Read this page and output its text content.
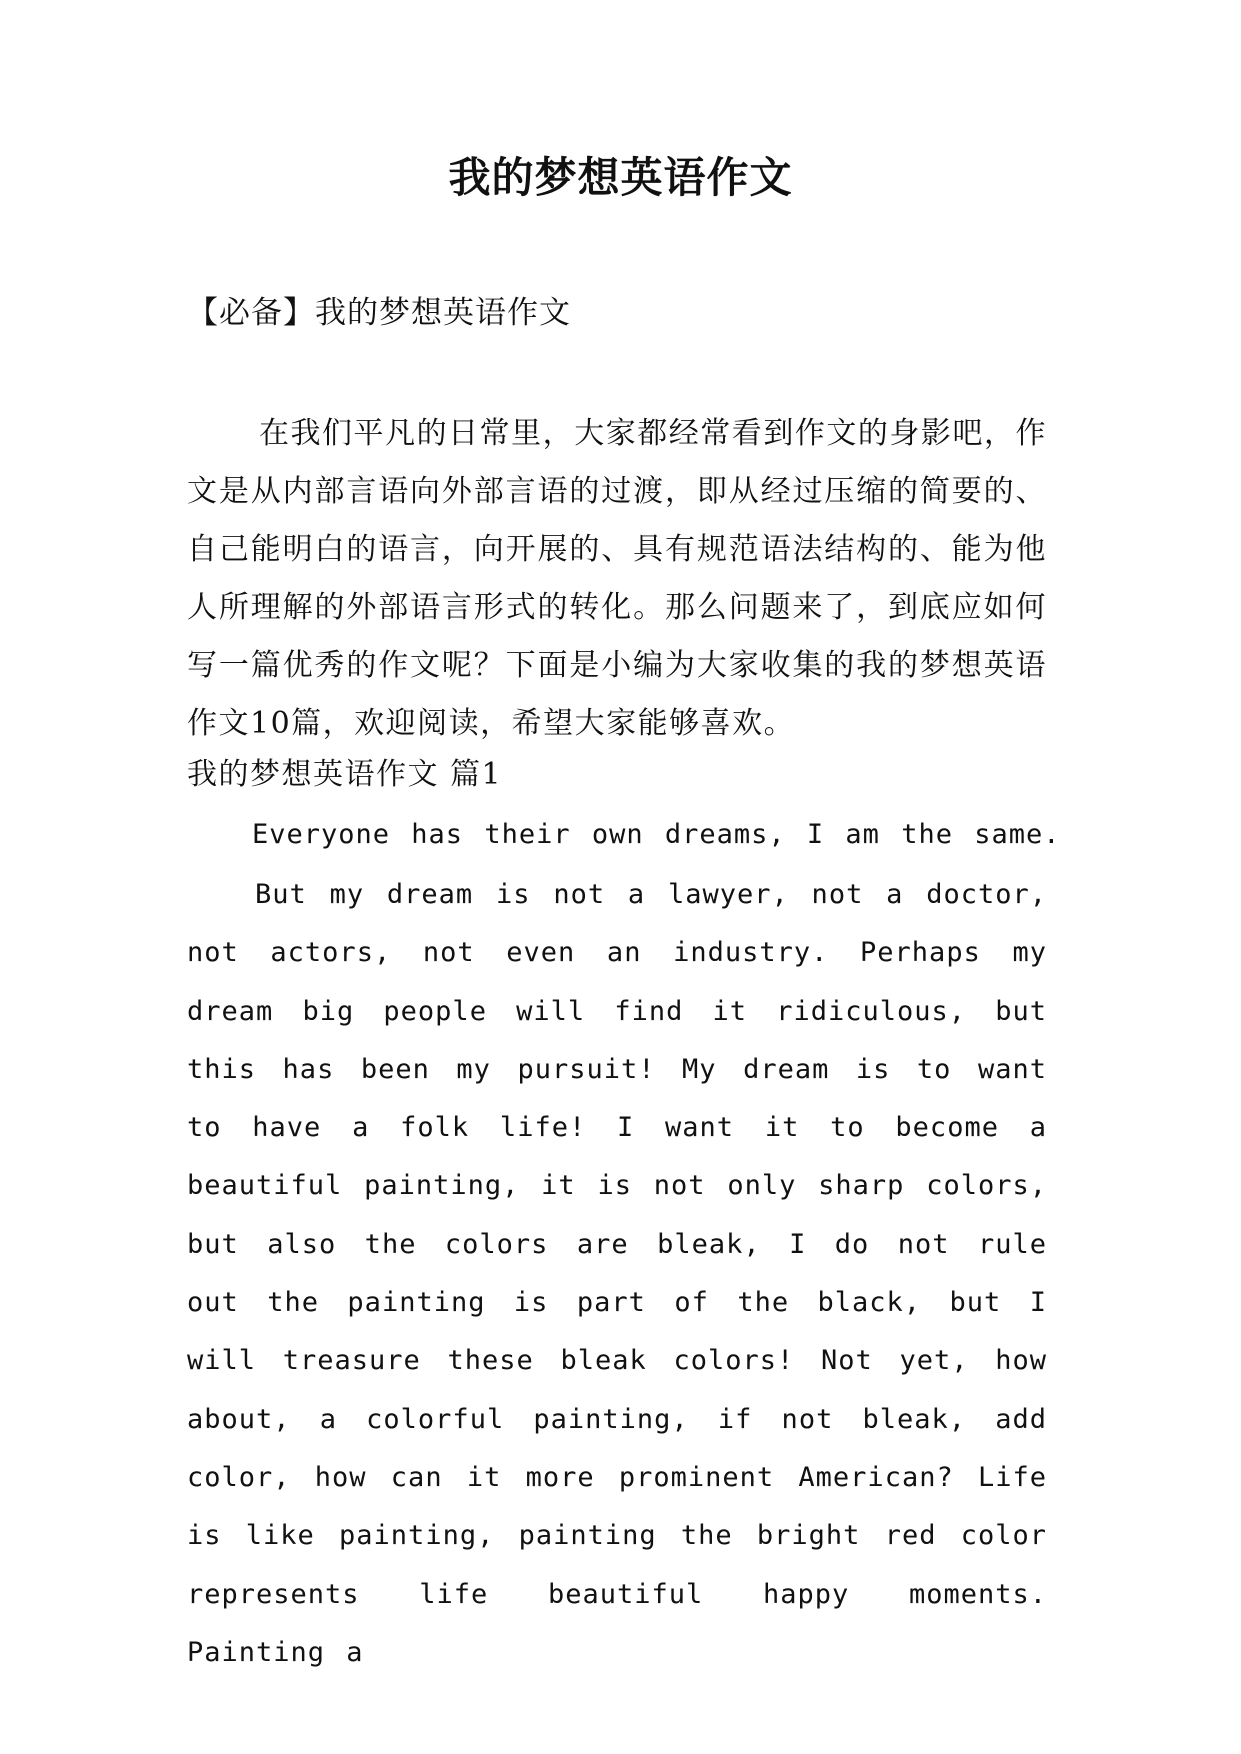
我的梦想英语作文
【必备】我的梦想英语作文
在我们平凡的日常里，大家都经常看到作文的身影吧，作文是从内部言语向外部言语的过渡，即从经过压缩的简要的、自己能明白的语言，向开展的、具有规范语法结构的、能为他人所理解的外部语言形式的转化。那么问题来了，到底应如何写一篇优秀的作文呢？下面是小编为大家收集的我的梦想英语作文10篇，欢迎阅读，希望大家能够喜欢。
我的梦想英语作文 篇1
Everyone has their own dreams, I am the same.
But my dream is not a lawyer, not a doctor, not actors, not even an industry. Perhaps my dream big people will find it ridiculous, but this has been my pursuit! My dream is to want to have a folk life! I want it to become a beautiful painting, it is not only sharp colors, but also the colors are bleak, I do not rule out the painting is part of the black, but I will treasure these bleak colors! Not yet, how about, a colorful painting, if not bleak, add color, how can it more prominent American? Life is like painting, painting the bright red color represents life beautiful happy moments. Painting a
